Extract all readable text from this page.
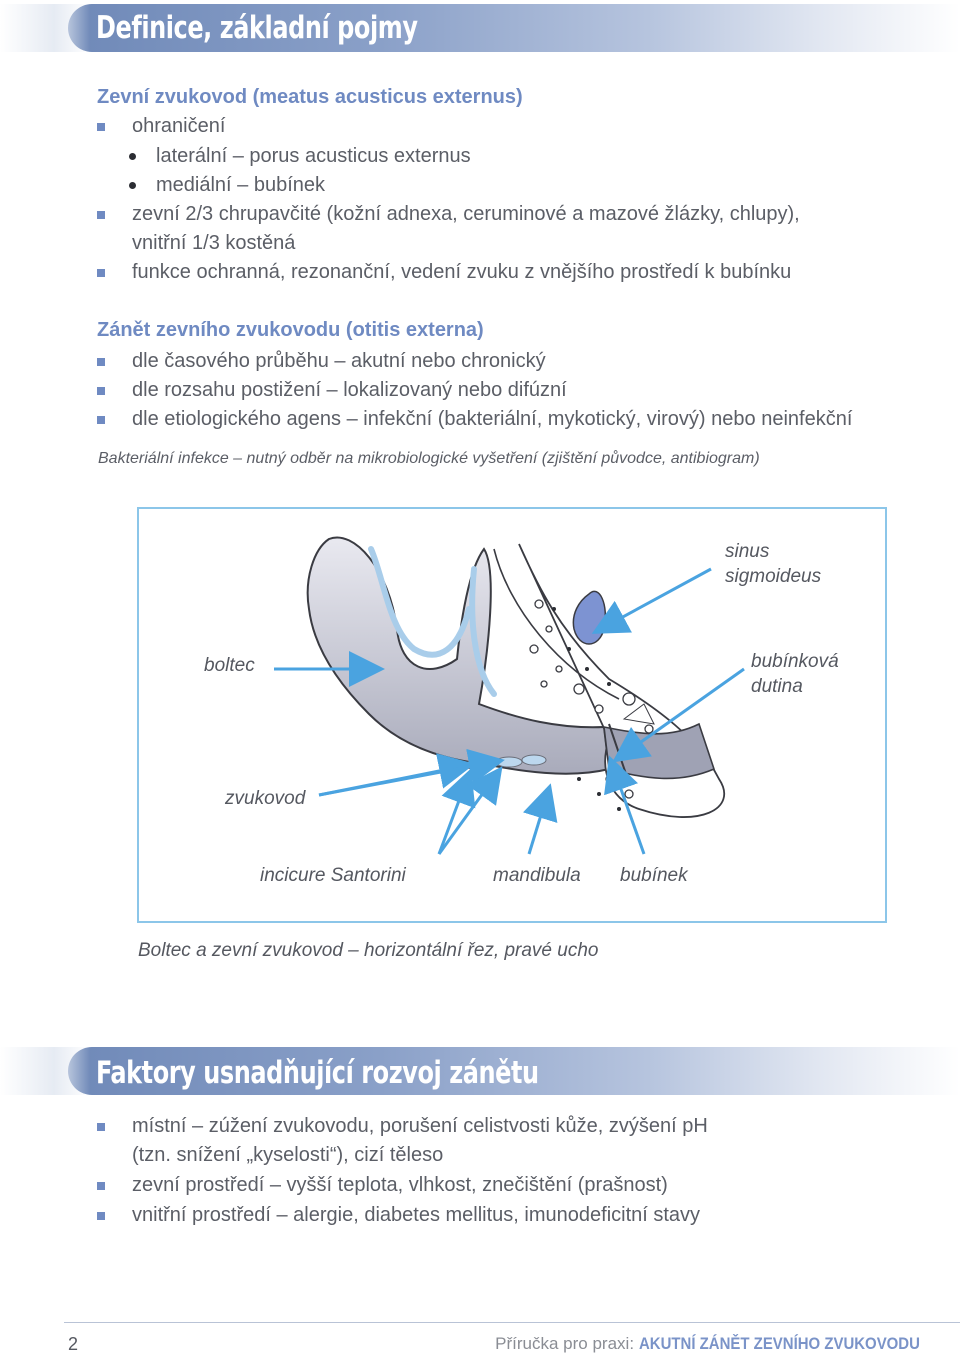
Definice, základní pojmy
Zevní zvukovod (meatus acusticus externus)
ohraničení
laterální – porus acusticus externus
mediální – bubínek
zevní 2/3 chrupavčité (kožní adnexa, ceruminové a mazové žlázky, chlupy),
vnitřní 1/3 kostěná
funkce ochranná, rezonanční, vedení zvuku z vnějšího prostředí k bubínku
Zánět zevního zvukovodu (otitis externa)
dle časového průběhu – akutní nebo chronický
dle rozsahu postižení – lokalizovaný nebo difúzní
dle etiologického agens – infekční (bakteriální, mykotický, virový) nebo neinfekční
Bakteriální infekce – nutný odběr na mikrobiologické vyšetření (zjištění původce, antibiogram)
sinus
sigmoideus
boltec	bubínková
dutina
zvukovod
incicure Santorini	mandibula bubínek
Boltec a zevní zvukovod – horizontální řez, pravé ucho
Faktory usnadňující rozvoj zánětu
místní – zúžení zvukovodu, porušení celistvosti kůže, zvýšení pH
(tzn. snížení „kyselosti“), cizí těleso
zevní prostředí – vyšší teplota, vlhkost, znečištění (prašnost)
vnitřní prostředí – alergie, diabetes mellitus, imunodeficitní stavy
2	Příručka pro praxi: AKUTNÍ ZÁNĚT ZEVNÍHO ZVUKOVODU
